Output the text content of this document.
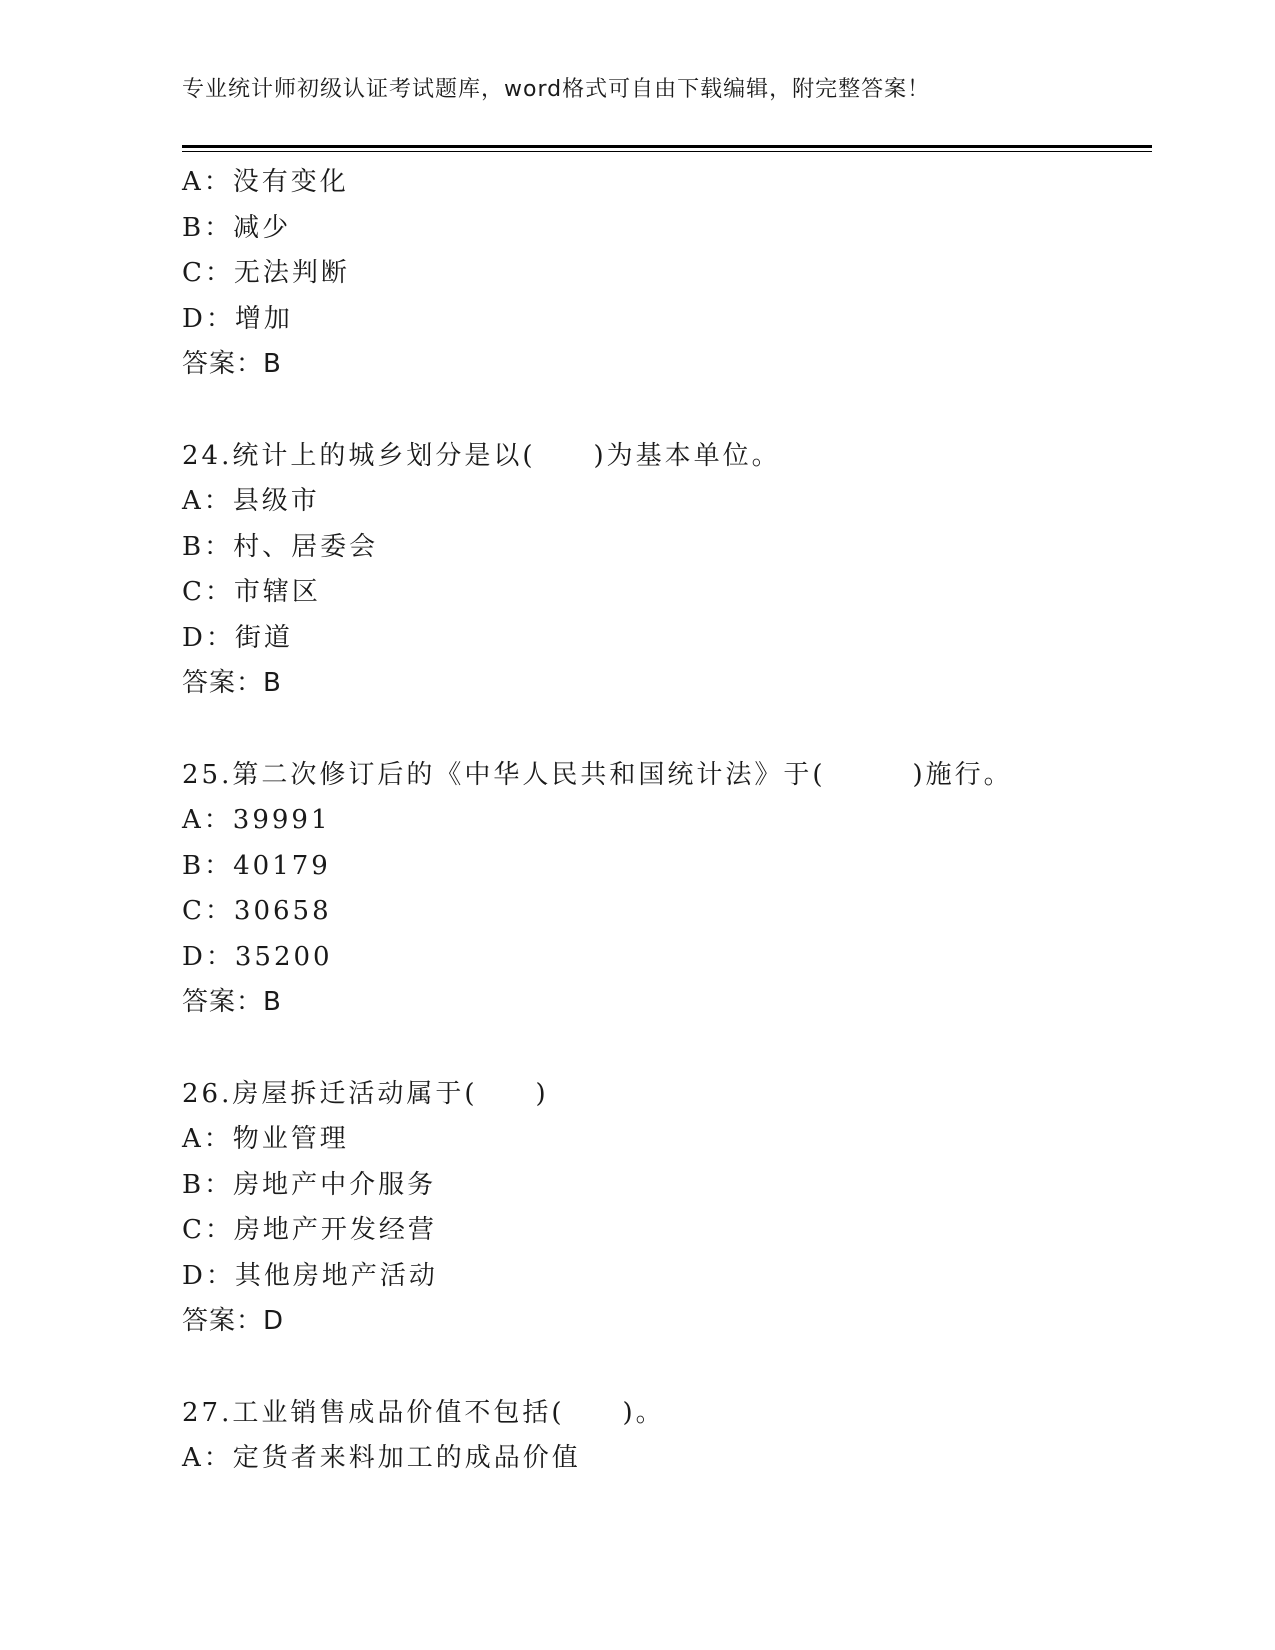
专业统计师初级认证考试题库，word格式可自由下载编辑，附完整答案！
A：没有变化
B：减少
C：无法判断
D：增加
答案：B
24.统计上的城乡划分是以(　　)为基本单位。
A：县级市
B：村、居委会
C：市辖区
D：街道
答案：B
25.第二次修订后的《中华人民共和国统计法》于(　　　)施行。
A：39991
B：40179
C：30658
D：35200
答案：B
26.房屋拆迁活动属于(　　)
A：物业管理
B：房地产中介服务
C：房地产开发经营
D：其他房地产活动
答案：D
27.工业销售成品价值不包括(　　)。
A：定货者来料加工的成品价值
